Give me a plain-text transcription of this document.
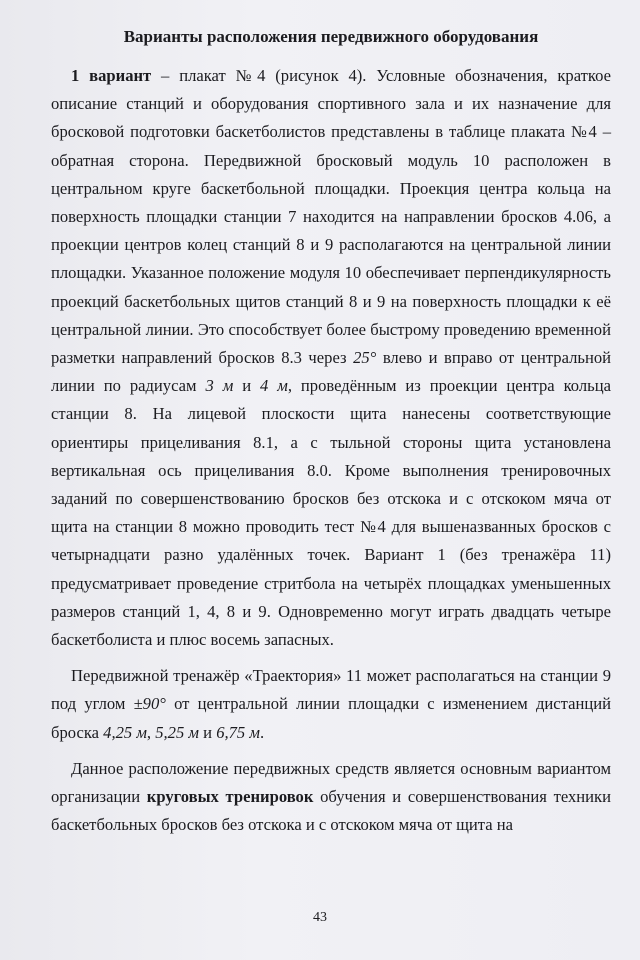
Варианты расположения передвижного оборудования

1 вариант – плакат №4 (рисунок 4). Условные обозначения, краткое описание станций и оборудования спортивного зала и их назначение для бросковой подготовки баскетболистов представлены в таблице плаката №4 – обратная сторона. Передвижной бросковый модуль 10 расположен в центральном круге баскетбольной площадки. Проекция центра кольца на поверхность площадки станции 7 находится на направлении бросков 4.06, а проекции центров колец станций 8 и 9 располагаются на центральной линии площадки. Указанное положение модуля 10 обеспечивает перпендикулярность проекций баскетбольных щитов станций 8 и 9 на поверхность площадки к её центральной линии. Это способствует более быстрому проведению временной разметки направлений бросков 8.3 через 25° влево и вправо от центральной линии по радиусам 3 м и 4 м, проведённым из проекции центра кольца станции 8. На лицевой плоскости щита нанесены соответствующие ориентиры прицеливания 8.1, а с тыльной стороны щита установлена вертикальная ось прицеливания 8.0. Кроме выполнения тренировочных заданий по совершенствованию бросков без отскока и с отскоком мяча от щита на станции 8 можно проводить тест №4 для вышеназванных бросков с четырнадцати разно удалённых точек. Вариант 1 (без тренажёра 11) предусматривает проведение стритбола на четырёх площадках уменьшенных размеров станций 1, 4, 8 и 9. Одновременно могут играть двадцать четыре баскетболиста и плюс восемь запасных.

Передвижной тренажёр «Траектория» 11 может располагаться на станции 9 под углом ±90° от центральной линии площадки с изменением дистанций броска 4,25 м, 5,25 м и 6,75 м.

Данное расположение передвижных средств является основным вариантом организации круговых тренировок обучения и совершенствования техники баскетбольных бросков без отскока и с отскоком мяча от щита на

43
